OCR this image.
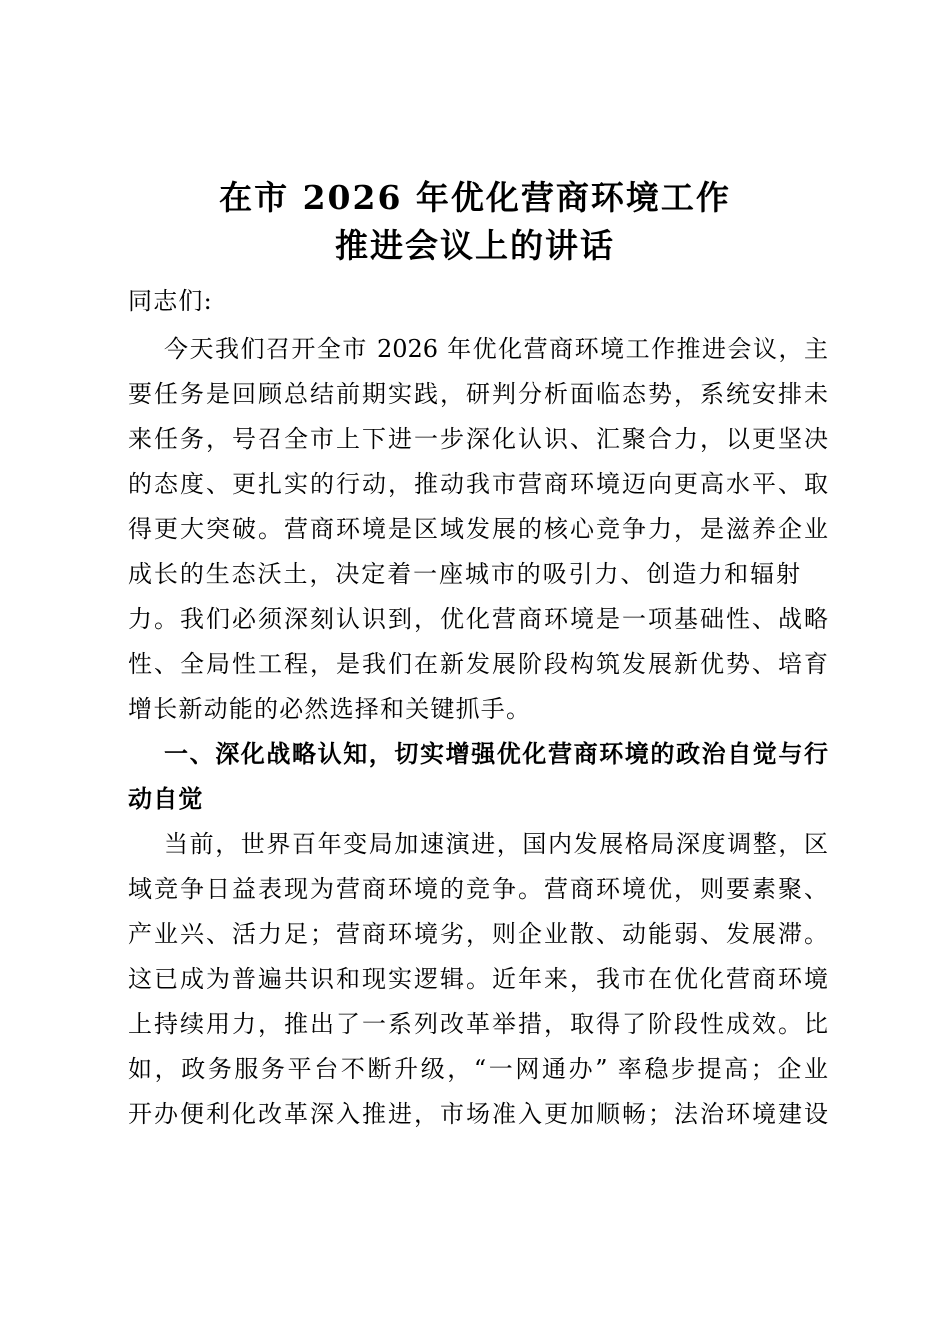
在市 2026 年优化营商环境工作
推进会议上的讲话
同志们:
今天我们召开全市 2026 年优化营商环境工作推进会议，主
要任务是回顾总结前期实践，研判分析面临态势，系统安排未
来任务，号召全市上下进一步深化认识、汇聚合力，以更坚决
的态度、更扎实的行动，推动我市营商环境迈向更高水平、取
得更大突破。营商环境是区域发展的核心竞争力，是滋养企业
成长的生态沃土，决定着一座城市的吸引力、创造力和辐射
力。我们必须深刻认识到，优化营商环境是一项基础性、战略
性、全局性工程，是我们在新发展阶段构筑发展新优势、培育
增长新动能的必然选择和关键抓手。
一、深化战略认知，切实增强优化营商环境的政治自觉与行
动自觉
当前，世界百年变局加速演进，国内发展格局深度调整，区
域竞争日益表现为营商环境的竞争。营商环境优，则要素聚、
产业兴、活力足；营商环境劣，则企业散、动能弱、发展滞。
这已成为普遍共识和现实逻辑。近年来，我市在优化营商环境
上持续用力，推出了一系列改革举措，取得了阶段性成效。比
如，政务服务平台不断升级，“一网通办” 率稳步提高；企业
开办便利化改革深入推进，市场准入更加顺畅；法治环境建设
